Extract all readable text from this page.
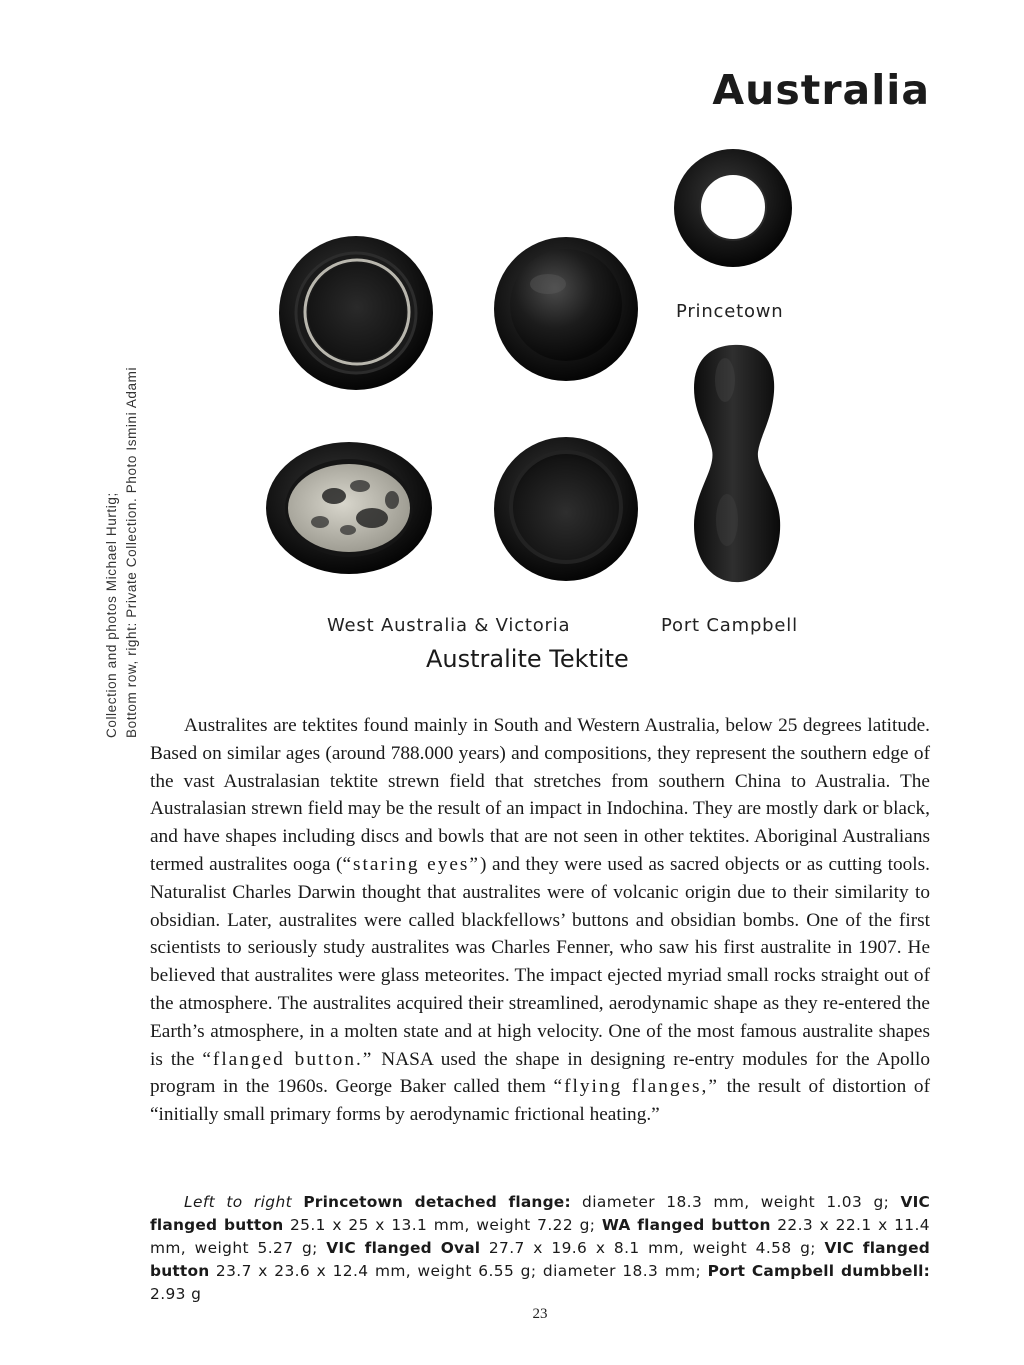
Australia
Collection and photos Michael Hurtig; Bottom row, right: Private Collection. Photo Ismini Adami
Princetown
West Australia & Victoria	Port Campbell
Australite Tektite

Australites are tektites found mainly in South and Western Australia, below 25 degrees latitude. Based on similar ages (around 788.000 years) and compositions, they represent the southern edge of the vast Australasian tektite strewn field that stretches from southern China to Australia. The Australasian strewn field may be the result of an impact in Indochina. They are mostly dark or black, and have shapes including discs and bowls that are not seen in other tektites. Aboriginal Australians termed australites ooga (“staring eyes”) and they were used as sacred objects or as cutting tools. Naturalist Charles Darwin thought that australites were of volcanic origin due to their similarity to obsidian. Later, australites were called blackfellows’ buttons and obsidian bombs. One of the first scientists to seriously study australites was Charles Fenner, who saw his first australite in 1907. He believed that australites were glass meteorites. The impact ejected myriad small rocks straight out of the atmosphere. The australites acquired their streamlined, aerodynamic shape as they re-entered the Earth’s atmosphere, in a molten state and at high velocity. One of the most famous australite shapes is the “flanged button.” NASA used the shape in designing re-entry modules for the Apollo program in the 1960s. George Baker called them “flying flanges,” the result of distortion of “initially small primary forms by aerodynamic frictional heating.”

Left to right Princetown detached flange: diameter 18.3 mm, weight 1.03 g; VIC flanged button 25.1 x 25 x 13.1 mm, weight 7.22 g; WA flanged button 22.3 x 22.1 x 11.4 mm, weight 5.27 g; VIC flanged Oval 27.7 x 19.6 x 8.1 mm, weight 4.58 g; VIC flanged button 23.7 x 23.6 x 12.4 mm, weight 6.55 g; diameter 18.3 mm; Port Campbell dumbbell: 2.93 g

23
